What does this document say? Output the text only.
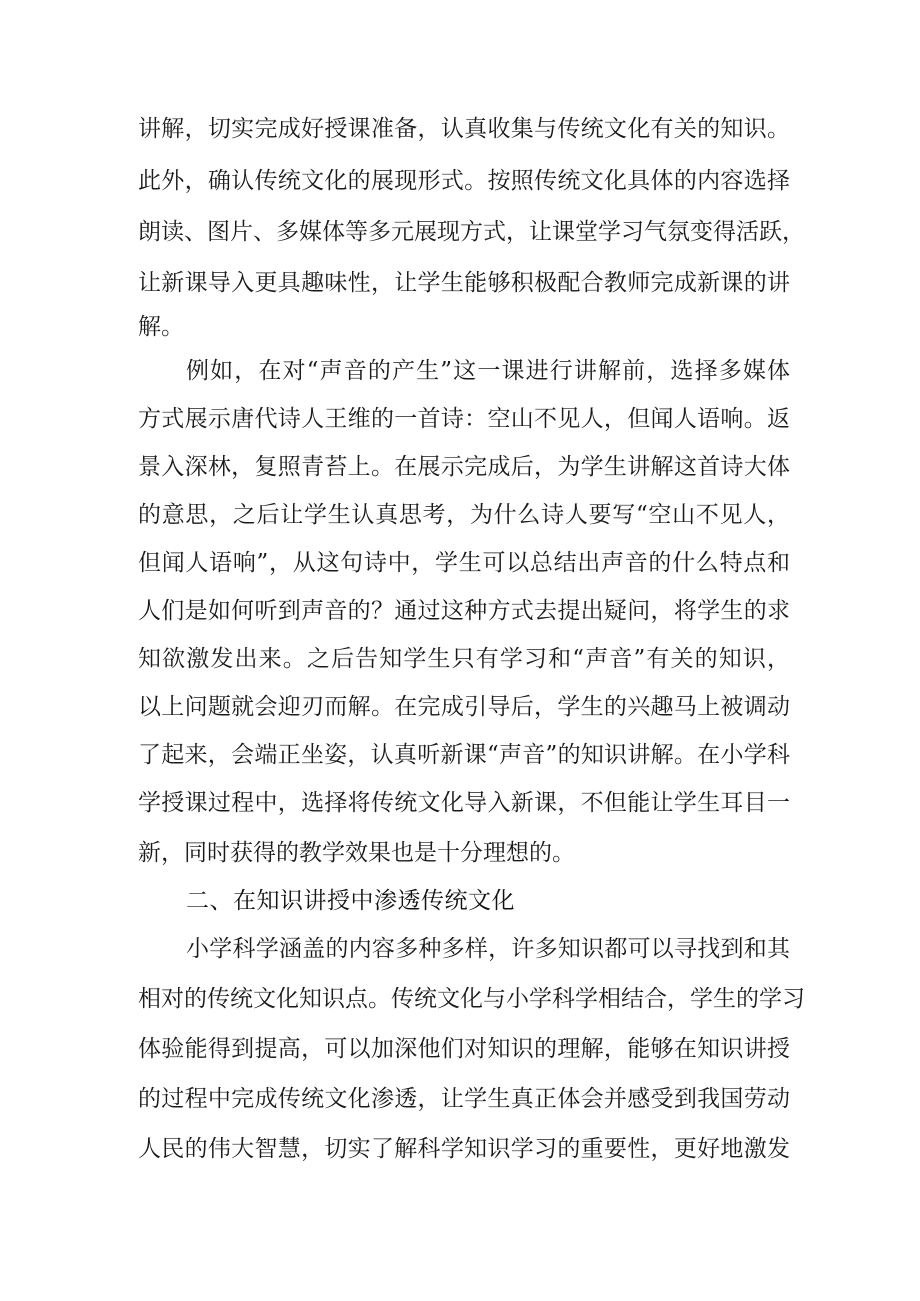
讲解，切实完成好授课准备，认真收集与传统文化有关的知识。
此外，确认传统文化的展现形式。按照传统文化具体的内容选择
朗读、图片、多媒体等多元展现方式，让课堂学习气氛变得活跃，
让新课导入更具趣味性，让学生能够积极配合教师完成新课的讲
解。
例如，在对“声音的产生”这一课进行讲解前，选择多媒体
方式展示唐代诗人王维的一首诗：空山不见人，但闻人语响。返
景入深林，复照青苔上。在展示完成后，为学生讲解这首诗大体
的意思，之后让学生认真思考，为什么诗人要写“空山不见人，
但闻人语响”，从这句诗中，学生可以总结出声音的什么特点和
人们是如何听到声音的？通过这种方式去提出疑问，将学生的求
知欲激发出来。之后告知学生只有学习和“声音”有关的知识，
以上问题就会迎刃而解。在完成引导后，学生的兴趣马上被调动
了起来，会端正坐姿，认真听新课“声音”的知识讲解。在小学科
学授课过程中，选择将传统文化导入新课，不但能让学生耳目一
新，同时获得的教学效果也是十分理想的。
二、在知识讲授中渗透传统文化
小学科学涵盖的内容多种多样，许多知识都可以寻找到和其
相对的传统文化知识点。传统文化与小学科学相结合，学生的学习
体验能得到提高，可以加深他们对知识的理解，能够在知识讲授
的过程中完成传统文化渗透，让学生真正体会并感受到我国劳动
人民的伟大智慧，切实了解科学知识学习的重要性，更好地激发
